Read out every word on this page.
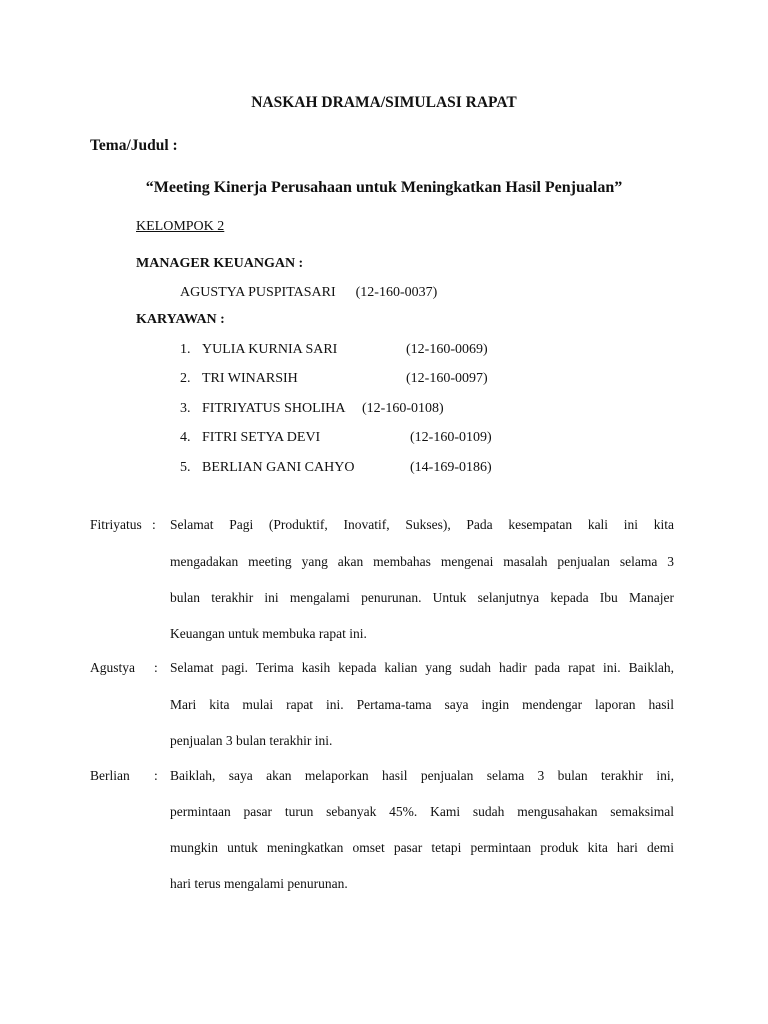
NASKAH DRAMA/SIMULASI RAPAT
Tema/Judul :
“Meeting Kinerja Perusahaan untuk Meningkatkan Hasil Penjualan”
KELOMPOK 2
MANAGER KEUANGAN :
AGUSTYA PUSPITASARI (12-160-0037)
KARYAWAN :
1. YULIA KURNIA SARI	(12-160-0069)
2. TRI WINARSIH	(12-160-0097)
3. FITRIYATUS SHOLIHA (12-160-0108)
4. FITRI SETYA DEVI	(12-160-0109)
5. BERLIAN GANI CAHYO	(14-169-0186)
Fitriyatus : Selamat Pagi (Produktif, Inovatif, Sukses), Pada kesempatan kali ini kita
mengadakan meeting yang akan membahas mengenai masalah penjualan selama 3
bulan terakhir ini mengalami penurunan. Untuk selanjutnya kepada Ibu Manajer
Keuangan untuk membuka rapat ini.
Agustya	: Selamat pagi. Terima kasih kepada kalian yang sudah hadir pada rapat ini. Baiklah,
Mari kita mulai rapat ini. Pertama-tama saya ingin mendengar laporan hasil
penjualan 3 bulan terakhir ini.
Berlian	: Baiklah, saya akan melaporkan hasil penjualan selama 3 bulan terakhir ini,
permintaan pasar turun sebanyak 45%. Kami sudah mengusahakan semaksimal
mungkin untuk meningkatkan omset pasar tetapi permintaan produk kita hari demi
hari terus mengalami penurunan.
